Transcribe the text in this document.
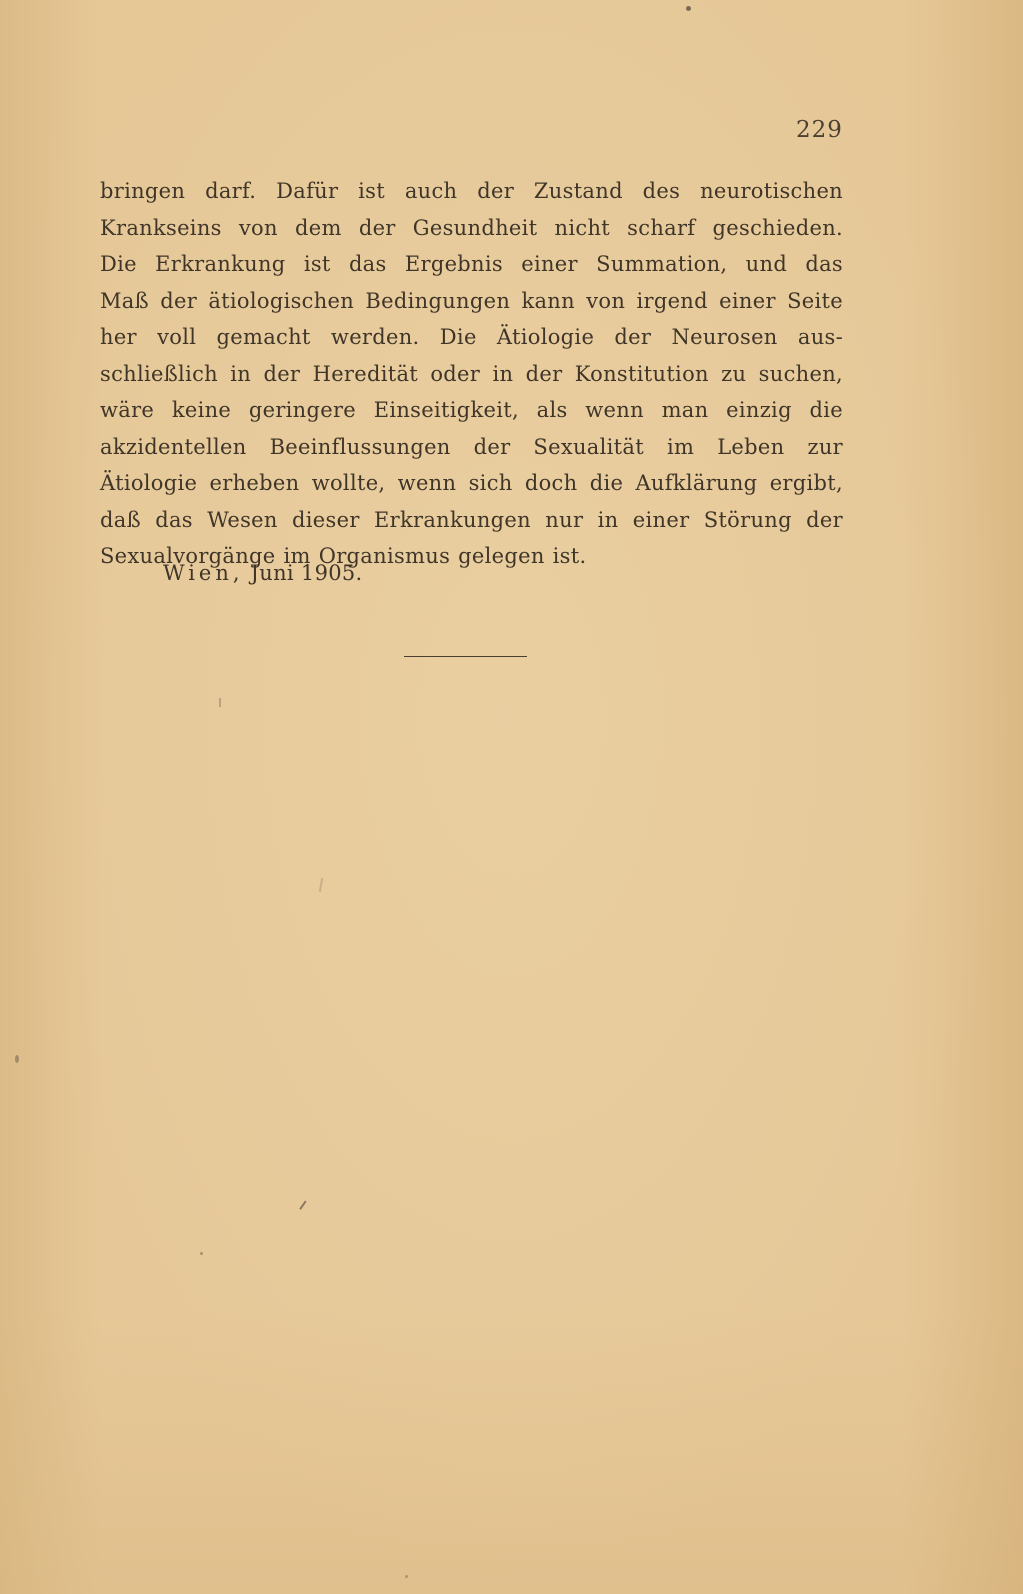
229
bringen darf. Dafür ist auch der Zustand des neurotischen
Krankseins von dem der Gesundheit nicht scharf geschieden.
Die Erkrankung ist das Ergebnis einer Summation, und das
Maß der ätiologischen Bedingungen kann von irgend einer Seite
her voll gemacht werden. Die Ätiologie der Neurosen aus-
schließlich in der Heredität oder in der Konstitution zu suchen,
wäre keine geringere Einseitigkeit, als wenn man einzig die
akzidentellen Beeinflussungen der Sexualität im Leben zur
Ätiologie erheben wollte, wenn sich doch die Aufklärung ergibt,
daß das Wesen dieser Erkrankungen nur in einer Störung der
Sexualvorgänge im Organismus gelegen ist.

Wien, Juni 1905.
